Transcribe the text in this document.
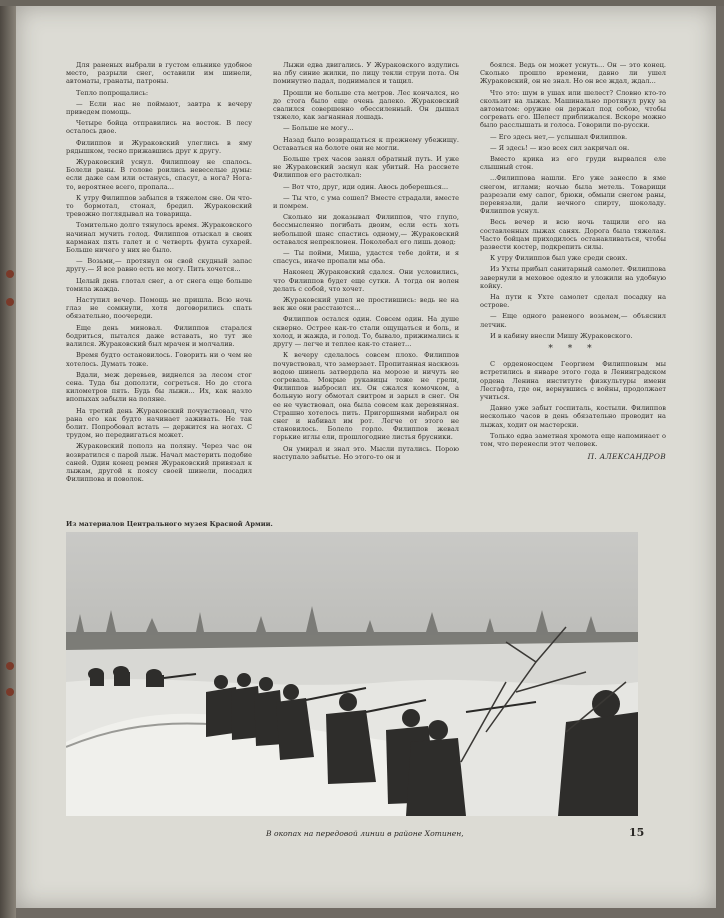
Для раненых выбрали в густом ельнике удобное место, разрыли снег, оставили им шинели, автоматы, гранаты, патроны.

Тепло попрощались:

— Если нас не поймают, завтра к вечеру приведем помощь.

Четыре бойца отправились на восток. В лесу осталось двое.

Филиппов и Жураковский улеглись в яму рядышком, тесно прижавшись друг к другу.

Жураковский уснул. Филиппову не спалось. Болели раны. В голове роились невеселые думы: если даже сам или останусь, спасут, а нога? Нога-то, вероятнее всего, пропала...

К утру Филиппов забылся в тяжелом сне. Он что-то бормотал, стонал, бредил. Жураковский тревожно поглядывал на товарища.

Томительно долго тянулось время. Жураковского начинал мучить голод. Филиппов отыскал в своих карманах пять галет и с четверть фунта сухарей. Больше ничего у них не было.

— Возьми,— протянул он свой скудный запас другу.— Я все равно есть не могу. Пить хочется...

Целый день глотал снег, а от снега еще больше томила жажда.

Наступил вечер. Помощь не пришла. Всю ночь глаз не сомкнули, хотя договорились спать обязательно, поочереди.

Еще день миновал. Филиппов старался бодриться, пытался даже вставать, но тут же валился. Жураковский был мрачен и молчалив.

Время будто остановилось. Говорить ни о чем не хотелось. Думать тоже.

Вдали, меж деревьев, виднелся за лесом стог сена. Туда бы доползти, согреться. Но до стога километров пять. Будь бы лыжи... Их, как назло впопыхах забыли на поляне.

На третий день Жураковский почувствовал, что рана его как будто начинает заживать. Не так болит. Попробовал встать — держится на ногах. С трудом, но передвигаться может.

Жураковский пополз на поляну. Через час он возвратился с парой лыж. Начал мастерить подобие саней. Один конец ремня Жураковский привязал к лыжам, другой к поясу своей шинели, посадил Филиппова и поволок.

Лыжи едва двигались. У Жураковского вздулись на лбу синие жилки, по лицу текли струи пота. Он поминутно падал, поднимался и тащил.

Прошли не больше ста метров. Лес кончался, но до стога было еще очень далеко. Жураковский свалился совершенно обессиленный. Он дышал тяжело, как загнанная лошадь.

— Больше не могу...

Назад было возвращаться к прежнему убежищу. Оставаться на болоте они не могли.

Больше трех часов занял обратный путь. И уже не Жураковский заснул как убитый. На рассвете Филиппов его растолкал:

— Вот что, друг, иди один. Авось доберешься...

— Ты что, с ума сошел? Вместе страдали, вместе и помрем.

Сколько ни доказывал Филиппов, что глупо, бессмысленно погибать двоим, если есть хоть небольшой шанс спастись одному,— Жураковский оставался непреклонен. Поколебал его лишь довод:

— Ты пойми, Миша, удастся тебе дойти, и я спасусь, иначе пропали мы оба.

Наконец Жураковский сдался. Они условились, что Филиппов будет еще сутки. А тогда он волен делать с собой, что хочет.

Жураковский ушел не простившись: ведь не на век же они расстаются...

Филиппов остался один. Совсем один. На душе скверно. Острее как-то стали ощущаться и боль, и холод, и жажда, и голод. То, бывало, прижимались к другу — легче и теплее как-то станет...

К вечеру сделалось совсем плохо. Филиппов почувствовал, что замерзает. Пропитанная насквозь водою шинель затвердела на морозе и ничуть не согревала. Мокрые рукавицы тоже не грели, Филиппов выбросил их. Он сжался комочком, а больную ногу обмотал свитром и зарыл в снег. Он ее не чувствовал, она была совсем как деревянная. Страшно хотелось пить. Пригоршнями набирал он снег и набивал им рот. Легче от этого не становилось. Болело горло. Филиппов жевал горькие иглы ели, прошлогодние листья брусники.

Он умирал и знал это. Мысли путались. Порою наступало забытье. Но этого-то он и

боялся. Ведь он может уснуть... Он — это конец. Сколько прошло времени, давно ли ушел Жураковский, он не знал. Но он все ждал, ждал...

Что это: шум в ушах или шелест? Словно кто-то скользит на лыжах. Машинально протянул руку за автоматом: оружие он держал под собою, чтобы согревать его. Шелест приближался. Вскоре можно было расслышать и голоса. Говорили по-русски.

— Его здесь нет,— услышал Филиппов.

— Я здесь! — изо всех сил закричал он.

Вместо крика из его груди вырвался еле слышный стон.

...Филиппова нашли. Его уже занесло в яме снегом, иглами; ночью была метель. Товарищи разрезали ему сапог, брюки, обмыли снегом раны, перевязали, дали нечного спирту, шоколаду. Филиппов уснул.

Весь вечер и всю ночь тащили его на составленных лыжах санях. Дорога была тяжелая. Часто бойцам приходилось останавливаться, чтобы развести костер, подкрепить силы.

К утру Филиппов был уже среди своих.

Из Ухты прибыл санитарный самолет. Филиппова завернули в меховое одеяло и уложили на удобную койку.

На пути к Ухте самолет сделал посадку на острове.

— Еще одного раненого возьмем,— объяснил летчик.

И в кабину внесли Мишу Жураковского.

* * *

С орденоносцем Георгием Филипповым мы встретились в январе этого года в Ленинградском ордена Ленина институте физкультуры имени Лесгафта, где он, вернувшись с войны, продолжает учиться.

Давно уже забыт госпиталь, костыли. Филиппов несколько часов в день обязательно проводит на лыжах, ходит он мастерски.

Только едва заметная хромота еще напоминает о том, что перенесли этот человек.

П. АЛЕКСАНДРОВ
Из материалов Центрального музея Красной Армии.
В окопах на передовой линии в районе Хотинен,	15
